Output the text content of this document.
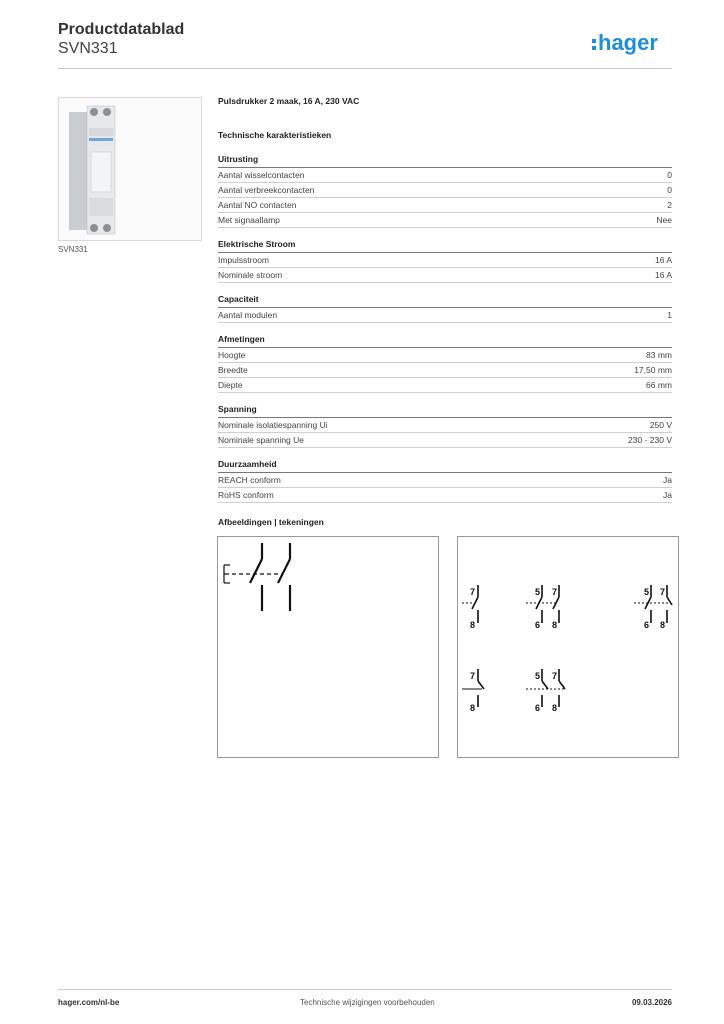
Productdatablad
SVN331	hager
SVN331
Pulsdrukker 2 maak, 16 A, 230 VAC
Technische karakteristieken
Uitrusting
Aantal wisselcontacten	0
Aantal verbreekcontacten	0
Aantal NO contacten	2
Met signaallamp	Nee
Elektrische Stroom
Impulsstroom	16 A
Nominale stroom	16 A
Capaciteit
Aantal modulen	1
Afmetingen
Hoogte	83 mm
Breedte	17,50 mm
Diepte	66 mm
Spanning
Nominale isolatiespanning Ui	250 V
Nominale spanning Ue	230 - 230 V
Duurzaamheid
REACH conform	Ja
RoHS conform	Ja
Afbeeldingen | tekeningen
E
7
8
5
6
7
8
5
6
7
8
7
8
5
6
7
8
hager.com/nl-be	Technische wijzigingen voorbehouden	09.03.2026
